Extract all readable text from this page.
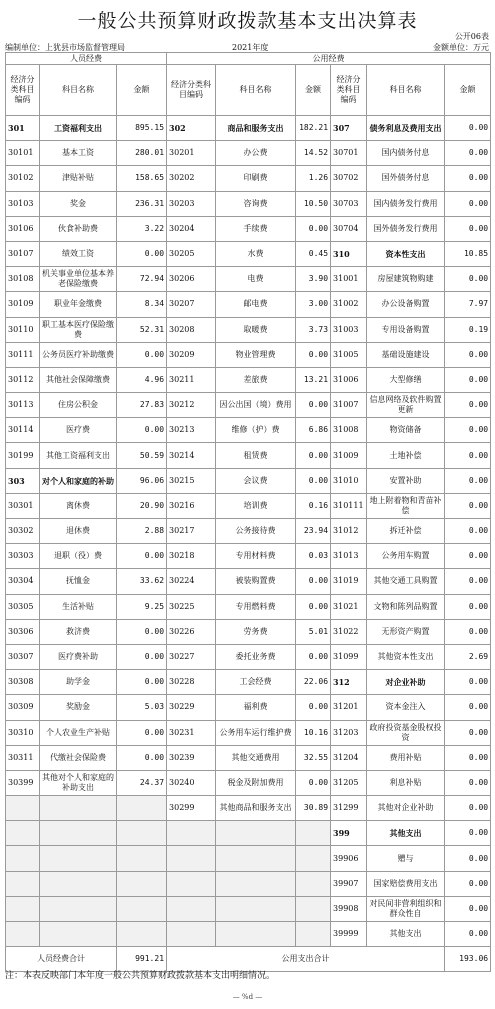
一般公共预算财政拨款基本支出决算表
公开06表
编制单位：上犹县市场监督管理局	2021年度	金额单位：万元
人员经费			公用经费					
经济分类科目编码	科目名称	金额	经济分类科目编码	科目名称	金额	经济分类科目编码	科目名称	金额
301	工资福利支出	895.15	302	商品和服务支出	182.21	307	债务利息及费用支出	0.00
30101	基本工资	280.01	30201	办公费	14.52	30701	国内债务付息	0.00
30102	津贴补贴	158.65	30202	印刷费	1.26	30702	国外债务付息	0.00
30103	奖金	236.31	30203	咨询费	10.50	30703	国内债务发行费用	0.00
30106	伙食补助费	3.22	30204	手续费	0.00	30704	国外债务发行费用	0.00
30107	绩效工资	0.00	30205	水费	0.45	310	资本性支出	10.85
30108	机关事业单位基本养老保险缴费	72.94	30206	电费	3.90	31001	房屋建筑物购建	0.00
30109	职业年金缴费	8.34	30207	邮电费	3.00	31002	办公设备购置	7.97
30110	职工基本医疗保险缴费	52.31	30208	取暖费	3.73	31003	专用设备购置	0.19
30111	公务员医疗补助缴费	0.00	30209	物业管理费	0.00	31005	基础设施建设	0.00
30112	其他社会保障缴费	4.96	30211	差旅费	13.21	31006	大型修缮	0.00
30113	住房公积金	27.83	30212	因公出国（境）费用	0.00	31007	信息网络及软件购置更新	0.00
30114	医疗费	0.00	30213	维修（护）费	6.86	31008	物资储备	0.00
30199	其他工资福利支出	50.59	30214	租赁费	0.00	31009	土地补偿	0.00
303	对个人和家庭的补助	96.06	30215	会议费	0.00	31010	安置补助	0.00
30301	离休费	20.90	30216	培训费	0.16	310111	地上附着物和青苗补偿	0.00
30302	退休费	2.88	30217	公务接待费	23.94	31012	拆迁补偿	0.00
30303	退职（役）费	0.00	30218	专用材料费	0.03	31013	公务用车购置	0.00
30304	抚恤金	33.62	30224	被装购置费	0.00	31019	其他交通工具购置	0.00
30305	生活补贴	9.25	30225	专用燃料费	0.00	31021	文物和陈列品购置	0.00
30306	救济费	0.00	30226	劳务费	5.01	31022	无形资产购置	0.00
30307	医疗费补助	0.00	30227	委托业务费	0.00	31099	其他资本性支出	2.69
30308	助学金	0.00	30228	工会经费	22.06	312	对企业补助	0.00
30309	奖励金	5.03	30229	福利费	0.00	31201	资本金注入	0.00
30310	个人农业生产补贴	0.00	30231	公务用车运行维护费	10.16	31203	政府投资基金股权投资	0.00
30311	代缴社会保险费	0.00	30239	其他交通费用	32.55	31204	费用补贴	0.00
30399	其他对个人和家庭的补助支出	24.37	30240	税金及附加费用	0.00	31205	利息补贴	0.00
			30299	其他商品和服务支出	30.89	31299	其他对企业补助	0.00
						399	其他支出	0.00
						39906	赠与	0.00
						39907	国家赔偿费用支出	0.00
						39908	对民间非营利组织和群众性自	0.00
						39999	其他支出	0.00
人员经费合计		991.21	公用支出合计					193.06
注：本表反映部门本年度一般公共预算财政拨款基本支出明细情况。
— %d —
